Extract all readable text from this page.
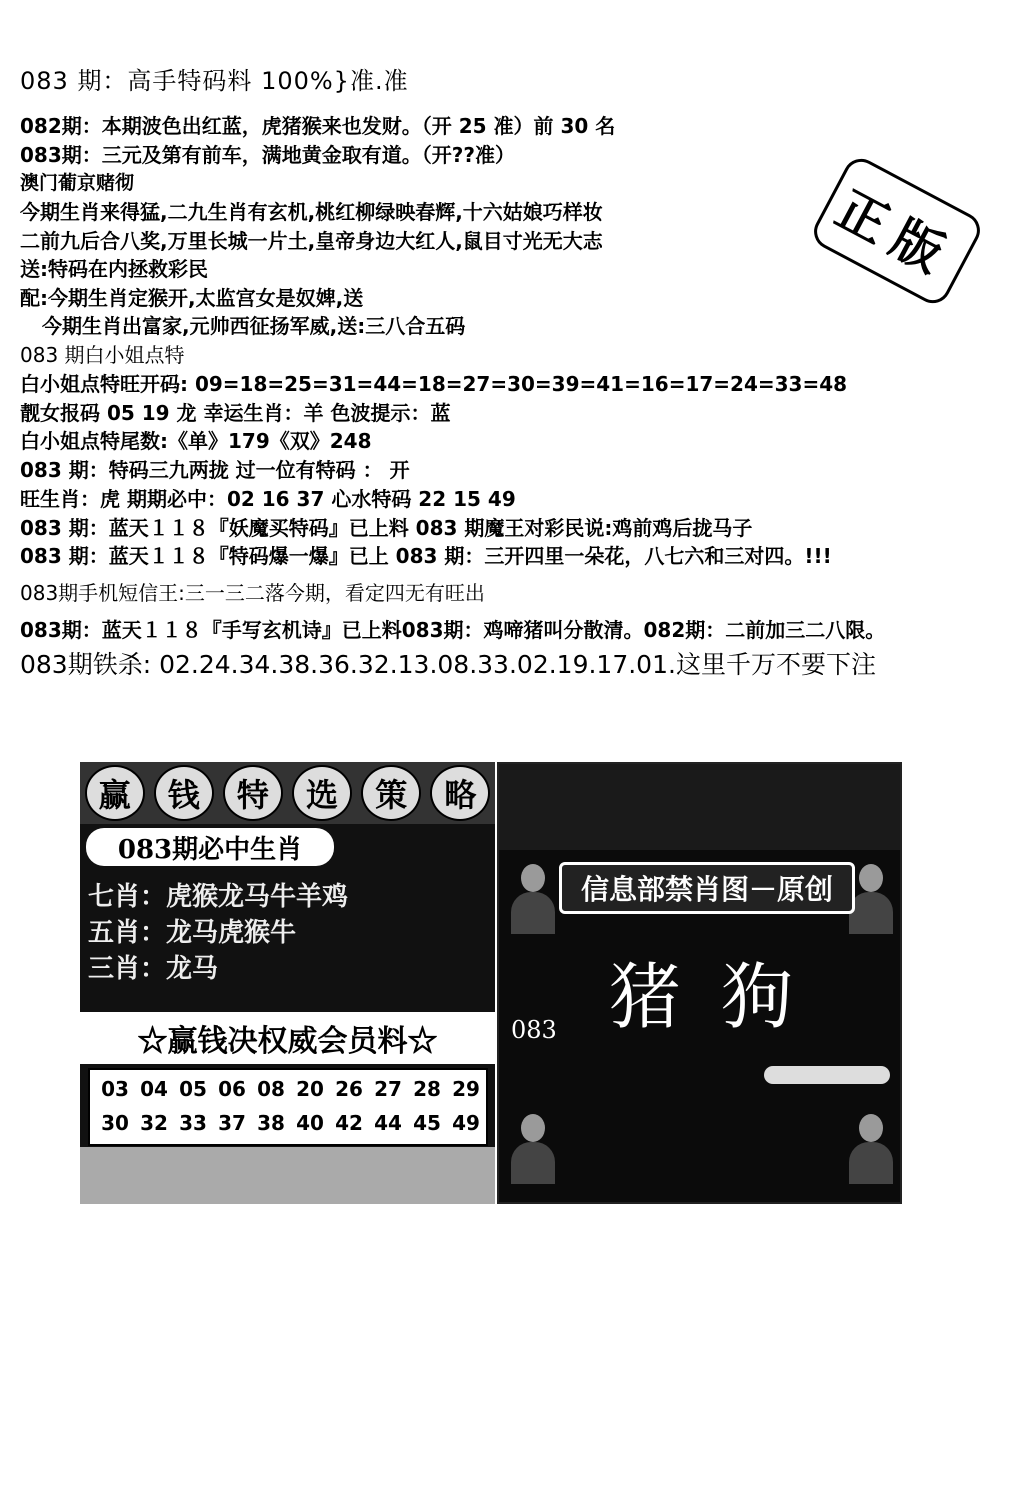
083 期：高手特码料 100%}准.准
082期：本期波色出红蓝，虎猪猴来也发财。（开 25 准）前 30 名
083期：三元及第有前车，满地黄金取有道。（开??准）
澳门葡京赌彻
今期生肖来得猛,二九生肖有玄机,桃红柳绿映春辉,十六姑娘巧样妆
二前九后合八奖,万里长城一片土,皇帝身边大红人,鼠目寸光无大志
送:特码在内拯救彩民
配:今期生肖定猴开,太监宫女是奴婢,送
今期生肖出富家,元帅西征扬军威,送:三八合五码
083 期白小姐点特
白小姐点特旺开码: 09=18=25=31=44=18=27=30=39=41=16=17=24=33=48
靓女报码 05 19 龙 幸运生肖：羊 色波提示：蓝
白小姐点特尾数:《单》179《双》248
083 期：特码三九两拢 过一位有特码 ： 开
旺生肖：虎 期期必中：02 16 37 心水特码 22 15 49
083 期：蓝天１１８『妖魔买特码』已上料 083 期魔王对彩民说:鸡前鸡后拢马子
083 期：蓝天１１８『特码爆一爆』已上 083 期：三开四里一朵花，八七六和三对四。!!!
083期手机短信王:三一三二落今期，看定四无有旺出
083期：蓝天１１８『手写玄机诗』已上料083期：鸡啼猪叫分散清。082期：二前加三二八限。
083期铁杀: 02.24.34.38.36.32.13.08.33.02.19.17.01.这里千万不要下注
正版
赢	钱	特	选	策	略
083期必中生肖
七肖：虎猴龙马牛羊鸡
五肖：龙马虎猴牛
三肖：龙马
☆赢钱决权威会员料☆
03 04 05 06 08 20 26 27 28 29
30 32 33 37 38 40 42 44 45 49
信息部禁肖图－原创
猪狗
083
